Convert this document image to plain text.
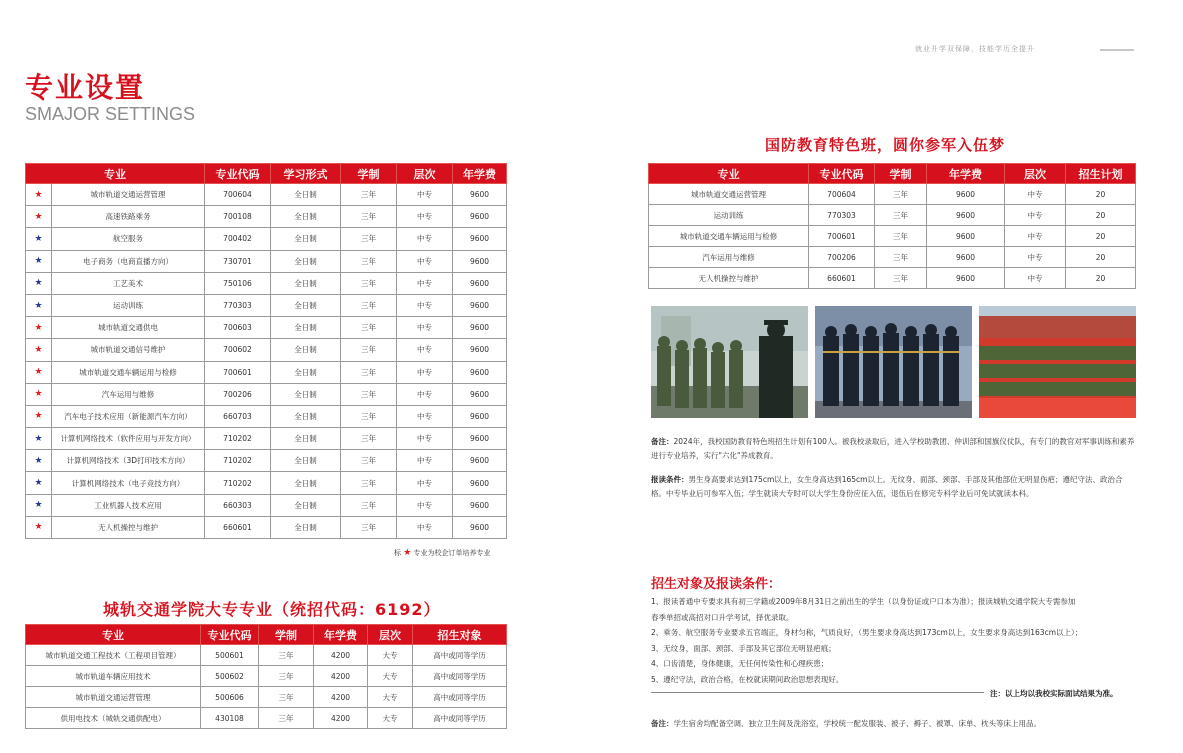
就业升学双保障，技能学历全提升
专业设置
SMAJOR SETTINGS
专业		专业代码	学习形式	学制	层次	年学费
★	城市轨道交通运营管理	700604	全日制	三年	中专	9600
★	高速铁路乘务	700108	全日制	三年	中专	9600
★	航空服务	700402	全日制	三年	中专	9600
★	电子商务（电商直播方向）	730701	全日制	三年	中专	9600
★	工艺美术	750106	全日制	三年	中专	9600
★	运动训练	770303	全日制	三年	中专	9600
★	城市轨道交通供电	700603	全日制	三年	中专	9600
★	城市轨道交通信号维护	700602	全日制	三年	中专	9600
★	城市轨道交通车辆运用与检修	700601	全日制	三年	中专	9600
★	汽车运用与维修	700206	全日制	三年	中专	9600
★	汽车电子技术应用（新能源汽车方向）	660703	全日制	三年	中专	9600
★	计算机网络技术（软件应用与开发方向）	710202	全日制	三年	中专	9600
★	计算机网络技术（3D打印技术方向）	710202	全日制	三年	中专	9600
★	计算机网络技术（电子竞技方向）	710202	全日制	三年	中专	9600
★	工业机器人技术应用	660303	全日制	三年	中专	9600
★	无人机操控与维护	660601	全日制	三年	中专	9600
标 ★ 专业为校企订单培养专业
城轨交通学院大专专业（统招代码：6192）
专业	专业代码	学制	年学费	层次	招生对象
城市轨道交通工程技术（工程项目管理）	500601	三年	4200	大专	高中或同等学历
城市轨道车辆应用技术	500602	三年	4200	大专	高中或同等学历
城市轨道交通运营管理	500606	三年	4200	大专	高中或同等学历
供用电技术（城轨交通供配电）	430108	三年	4200	大专	高中或同等学历
国防教育特色班，圆你参军入伍梦
专业	专业代码	学制	年学费	层次	招生计划
城市轨道交通运营管理	700604	三年	9600	中专	20
运动训练	770303	三年	9600	中专	20
城市轨道交通车辆运用与检修	700601	三年	9600	中专	20
汽车运用与维修	700206	三年	9600	中专	20
无人机操控与维护	660601	三年	9600	中专	20
备注：2024年，我校国防教育特色班招生计划有100人。被我校录取后，进入学校助教团、仲训部和国旗仪仗队，有专门的教官对军事训练和素养进行专业培养，实行"六化"养成教育。
报读条件：男生身高要求达到175cm以上，女生身高达到165cm以上。无纹身、面部、颈部、手部及其他部位无明显伤疤；遵纪守法、政治合格。中专毕业后可参军入伍；学生就读大专时可以大学生身份应征入伍，退伍后在修完专科学业后可免试就读本科。
招生对象及报读条件：
1、报读普通中专要求具有初三学籍或2009年8月31日之前出生的学生（以身份证或户口本为准）；报读城轨交通学院大专需参加
春季单招或高招对口升学考试，择优录取。
2、乘务、航空服务专业要求五官端正，身材匀称，气质良好，（男生要求身高达到173cm以上，女生要求身高达到163cm以上）；
3、无纹身，面部、颈部、手部及其它部位无明显疤痕；
4、口齿清楚，身体健康，无任何传染性和心理疾患；
5、遵纪守法，政治合格，在校就读期间政治思想表现好。
注：以上均以我校实际面试结果为准。
备注：学生宿舍均配备空调、独立卫生间及洗浴室，学校统一配发服装、被子、褥子、被罩、床单、枕头等床上用品。
